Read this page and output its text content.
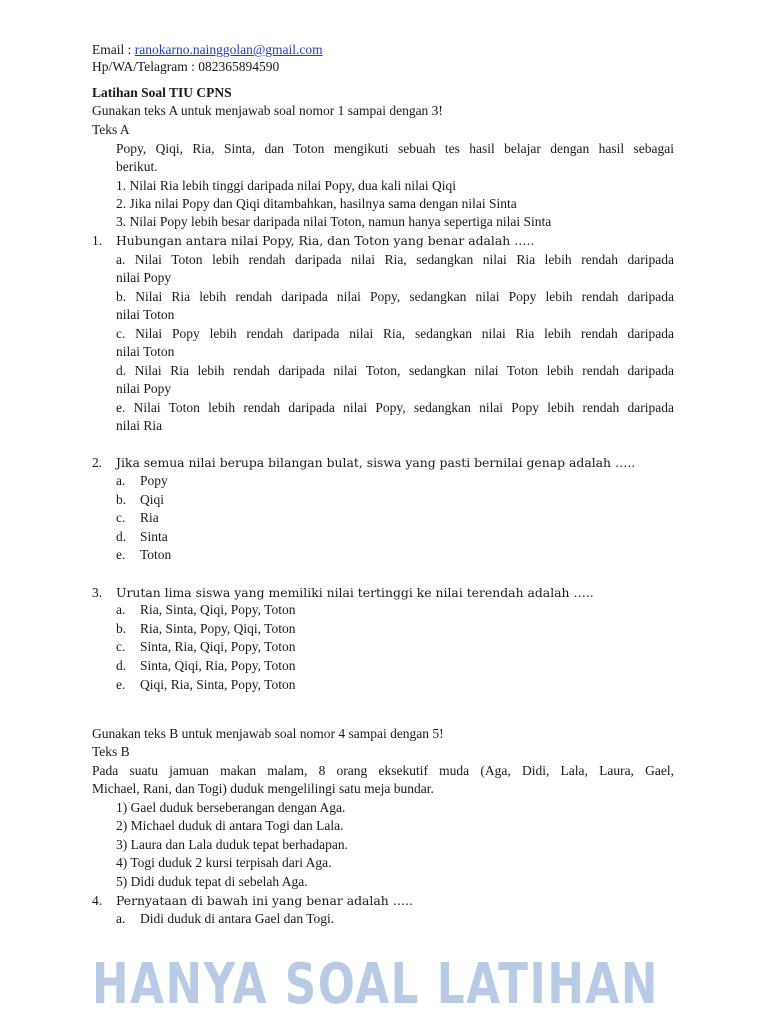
Email : ranokarno.nainggolan@gmail.com
Hp/WA/Telagram : 082365894590
Latihan Soal TIU CPNS
Gunakan teks A untuk menjawab soal nomor 1 sampai dengan 3!
Teks A
Popy, Qiqi, Ria, Sinta, dan Toton mengikuti sebuah tes hasil belajar dengan hasil sebagai
berikut.
1. Nilai Ria lebih tinggi daripada nilai Popy, dua kali nilai Qiqi
2. Jika nilai Popy dan Qiqi ditambahkan, hasilnya sama dengan nilai Sinta
3. Nilai Popy lebih besar daripada nilai Toton, namun hanya sepertiga nilai Sinta
1. Hubungan antara nilai Popy, Ria, dan Toton yang benar adalah …..
a. Nilai Toton lebih rendah daripada nilai Ria, sedangkan nilai Ria lebih rendah daripada
nilai Popy
b. Nilai Ria lebih rendah daripada nilai Popy, sedangkan nilai Popy lebih rendah daripada
nilai Toton
c. Nilai Popy lebih rendah daripada nilai Ria, sedangkan nilai Ria lebih rendah daripada
nilai Toton
d. Nilai Ria lebih rendah daripada nilai Toton, sedangkan nilai Toton lebih rendah daripada
nilai Popy
e. Nilai Toton lebih rendah daripada nilai Popy, sedangkan nilai Popy lebih rendah daripada
nilai Ria
2. Jika semua nilai berupa bilangan bulat, siswa yang pasti bernilai genap adalah …..
a. Popy
b. Qiqi
c. Ria
d. Sinta
e. Toton
3. Urutan lima siswa yang memiliki nilai tertinggi ke nilai terendah adalah …..
a. Ria, Sinta, Qiqi, Popy, Toton
b. Ria, Sinta, Popy, Qiqi, Toton
c. Sinta, Ria, Qiqi, Popy, Toton
d. Sinta, Qiqi, Ria, Popy, Toton
e. Qiqi, Ria, Sinta, Popy, Toton
Gunakan teks B untuk menjawab soal nomor 4 sampai dengan 5!
Teks B
Pada suatu jamuan makan malam, 8 orang eksekutif muda (Aga, Didi, Lala, Laura, Gael,
Michael, Rani, dan Togi) duduk mengelilingi satu meja bundar.
1) Gael duduk berseberangan dengan Aga.
2) Michael duduk di antara Togi dan Lala.
3) Laura dan Lala duduk tepat berhadapan.
4) Togi duduk 2 kursi terpisah dari Aga.
5) Didi duduk tepat di sebelah Aga.
4. Pernyataan di bawah ini yang benar adalah …..
a. Didi duduk di antara Gael dan Togi.
HANYA SOAL LATIHAN
